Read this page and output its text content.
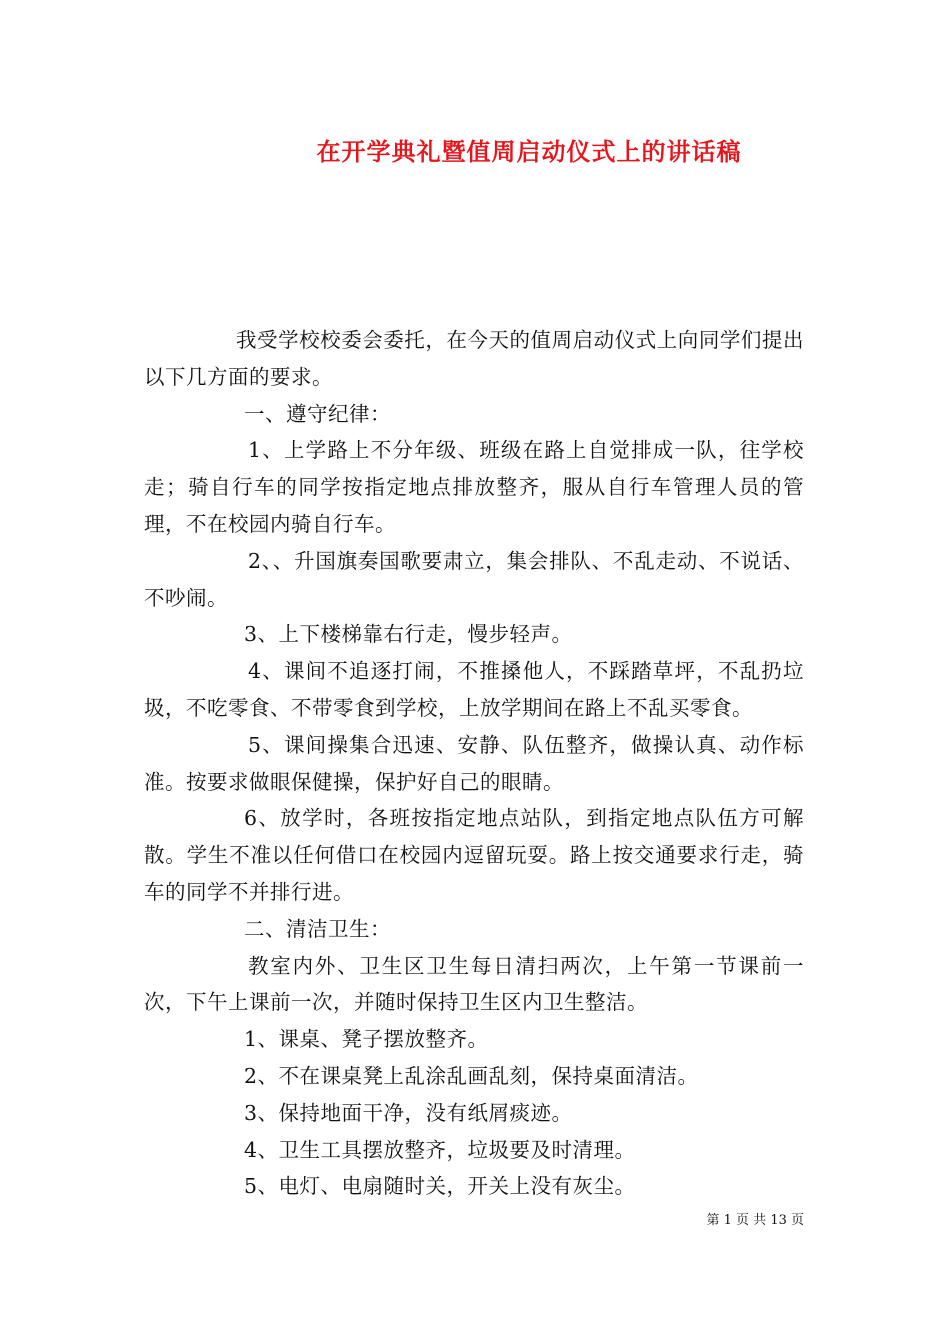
在开学典礼暨值周启动仪式上的讲话稿

我受学校校委会委托，在今天的值周启动仪式上向同学们提出以下几方面的要求。

一、遵守纪律：

1、上学路上不分年级、班级在路上自觉排成一队，往学校走；骑自行车的同学按指定地点排放整齐，服从自行车管理人员的管理，不在校园内骑自行车。

2、、升国旗奏国歌要肃立，集会排队、不乱走动、不说话、不吵闹。

3、上下楼梯靠右行走，慢步轻声。

4、课间不追逐打闹，不推搡他人，不踩踏草坪，不乱扔垃圾，不吃零食、不带零食到学校，上放学期间在路上不乱买零食。

5、课间操集合迅速、安静、队伍整齐，做操认真、动作标准。按要求做眼保健操，保护好自己的眼睛。

6、放学时，各班按指定地点站队，到指定地点队伍方可解散。学生不准以任何借口在校园内逗留玩耍。路上按交通要求行走，骑车的同学不并排行进。

二、清洁卫生：

教室内外、卫生区卫生每日清扫两次，上午第一节课前一次，下午上课前一次，并随时保持卫生区内卫生整洁。

1、课桌、凳子摆放整齐。

2、不在课桌凳上乱涂乱画乱刻，保持桌面清洁。

3、保持地面干净，没有纸屑痰迹。

4、卫生工具摆放整齐，垃圾要及时清理。

5、电灯、电扇随时关，开关上没有灰尘。

第 1 页 共 13 页
